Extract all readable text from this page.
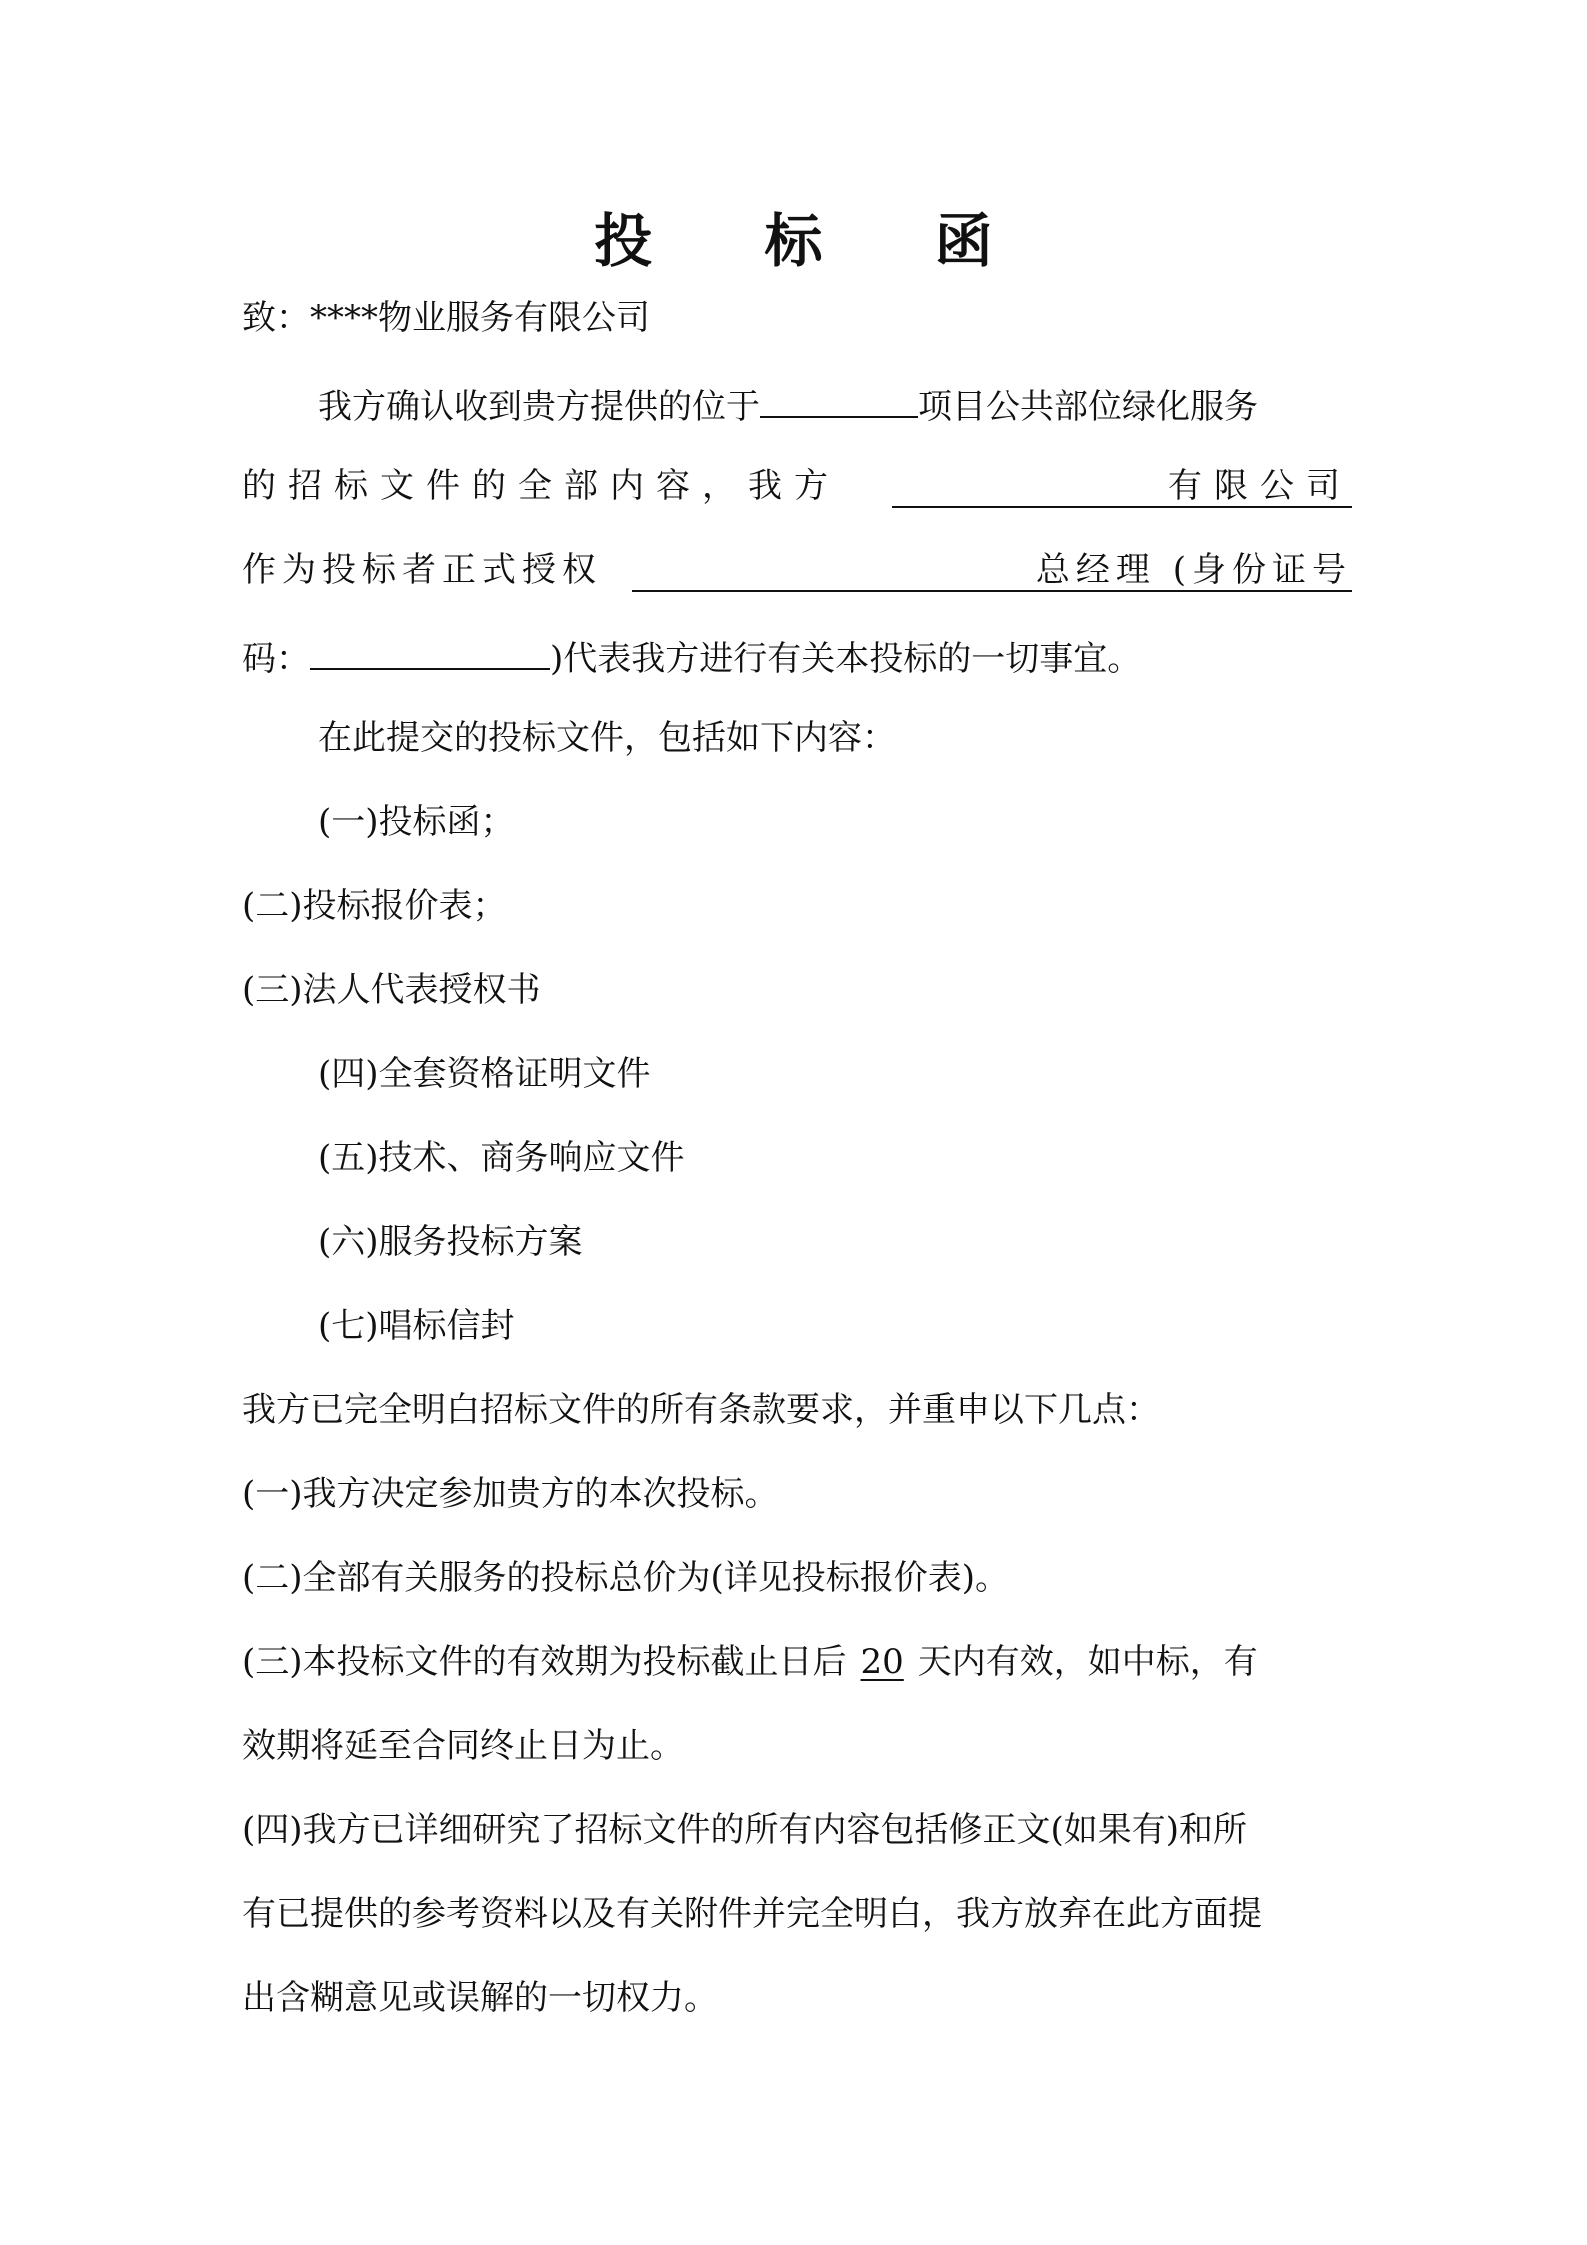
投 标 函
致：****物业服务有限公司
我方确认收到贵方提供的位于	项目公共部位绿化服务
的招标文件的全部内容，我方	有限公司
作为投标者正式授权	总经理 (身份证号
码：	)代表我方进行有关本投标的一切事宜。
在此提交的投标文件，包括如下内容：
(一)投标函；
(二)投标报价表；
(三)法人代表授权书
(四)全套资格证明文件
(五)技术、商务响应文件
(六)服务投标方案
(七)唱标信封
我方已完全明白招标文件的所有条款要求，并重申以下几点：
(一)我方决定参加贵方的本次投标。
(二)全部有关服务的投标总价为(详见投标报价表)。
(三)本投标文件的有效期为投标截止日后 20 天内有效，如中标，有
效期将延至合同终止日为止。
(四)我方已详细研究了招标文件的所有内容包括修正文(如果有)和所
有已提供的参考资料以及有关附件并完全明白，我方放弃在此方面提
出含糊意见或误解的一切权力。
